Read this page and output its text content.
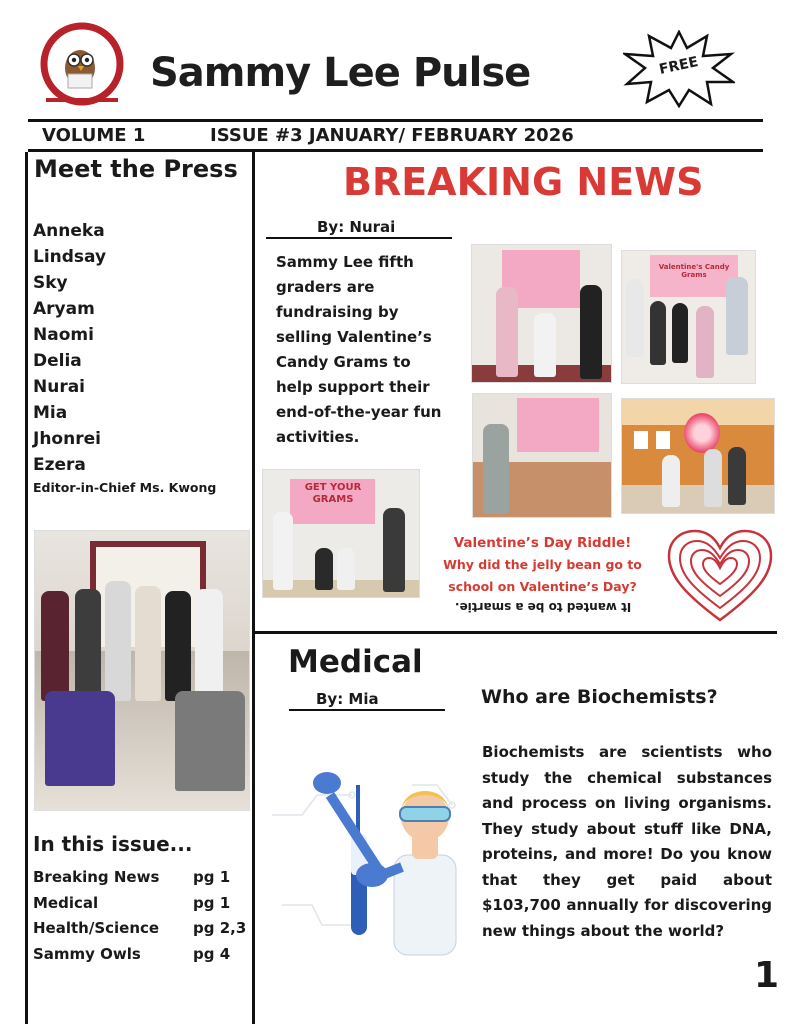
Sammy Lee Pulse	FREE
VOLUME 1	ISSUE #3 JANUARY/ FEBRUARY 2026
Meet the Press
Anneka
Lindsay
Sky
Aryam
Naomi
Delia
Nurai
Mia
Jhonrei
Ezera
Editor-in-Chief Ms. Kwong
In this issue...
Breaking News	pg 1
Medical	pg 1
Health/Science	pg 2,3
Sammy Owls	pg 4
BREAKING NEWS
By: Nurai
Sammy Lee fifth graders are fundraising by selling Valentine’s Candy Grams to help support their end-of-the-year fun activities.
Valentine's Candy Grams
GET YOUR GRAMS
Valentine’s Day Riddle!
Why did the jelly bean go to school on Valentine’s Day?
It wanted to be a smartie.
Medical
By: Mia	Who are Biochemists?
Biochemists are scientists who study the chemical substances and process on living organisms. They study about stuff like DNA, proteins, and more! Do you know that they get paid about $103,700 annually for discovering new things about the world?
1
